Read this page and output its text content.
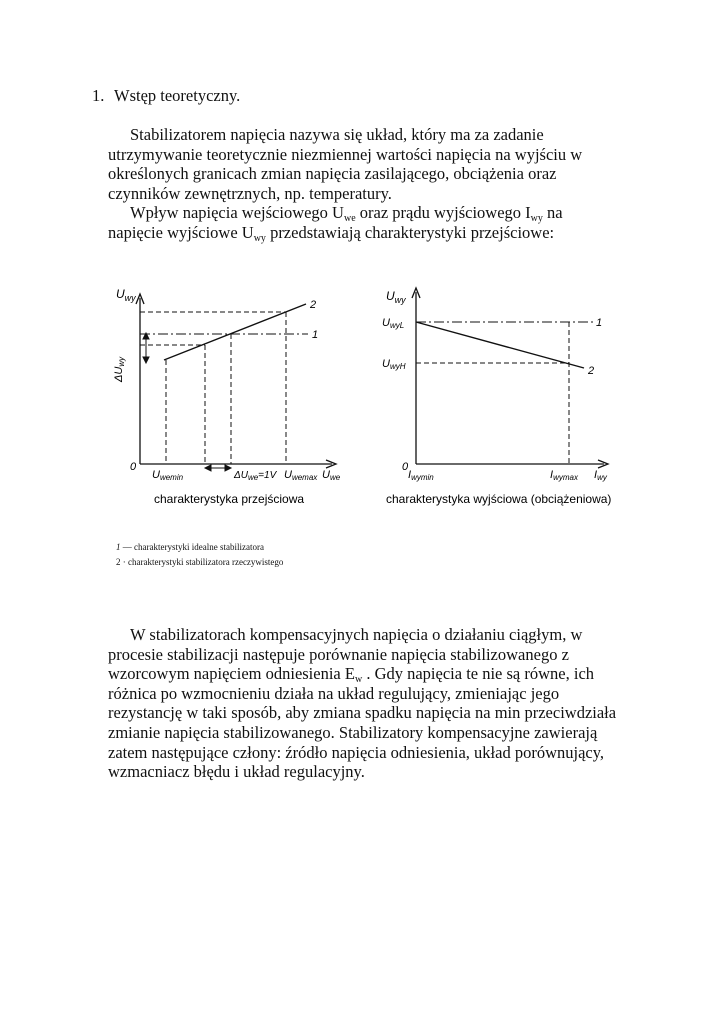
1. Wstęp teoretyczny.
Stabilizatorem napięcia nazywa się układ, który ma za zadanie
utrzymywanie teoretycznie niezmiennej wartości napięcia na wyjściu w
określonych granicach zmian napięcia zasilającego, obciążenia oraz
czynników zewnętrznych, np. temperatury.
Wpływ napięcia wejściowego $U_{we}$ oraz prądu wyjściowego $I_{wy}$ na
napięcie wyjściowe $U_{wy}$ przedstawiają charakterystyki przejściowe:
$U_{wy}$
ΔUwy
1
2
0
Uwemin	$\Delta U_{we}=1V$ Uwemax Uwe
charakterystyka przejściowa
$U_{wy}$
UwyL
UwyH
1
2
0
Iwymin	Iwymax Iwy
charakterystyka wyjściowa (obciążeniowa)
1 — charakterystyki idealne stabilizatora
2 · charakterystyki stabilizatora rzeczywistego
W stabilizatorach kompensacyjnych napięcia o działaniu ciągłym, w
procesie stabilizacji następuje porównanie napięcia stabilizowanego z
wzorcowym napięciem odniesienia $E_w$ . Gdy napięcia te nie są równe, ich
różnica po wzmocnieniu działa na układ regulujący, zmieniając jego
rezystancję w taki sposób, aby zmiana spadku napięcia na min przeciwdziała
zmianie napięcia stabilizowanego. Stabilizatory kompensacyjne zawierają
zatem następujące człony: źródło napięcia odniesienia, układ porównujący,
wzmacniacz błędu i układ regulacyjny.
